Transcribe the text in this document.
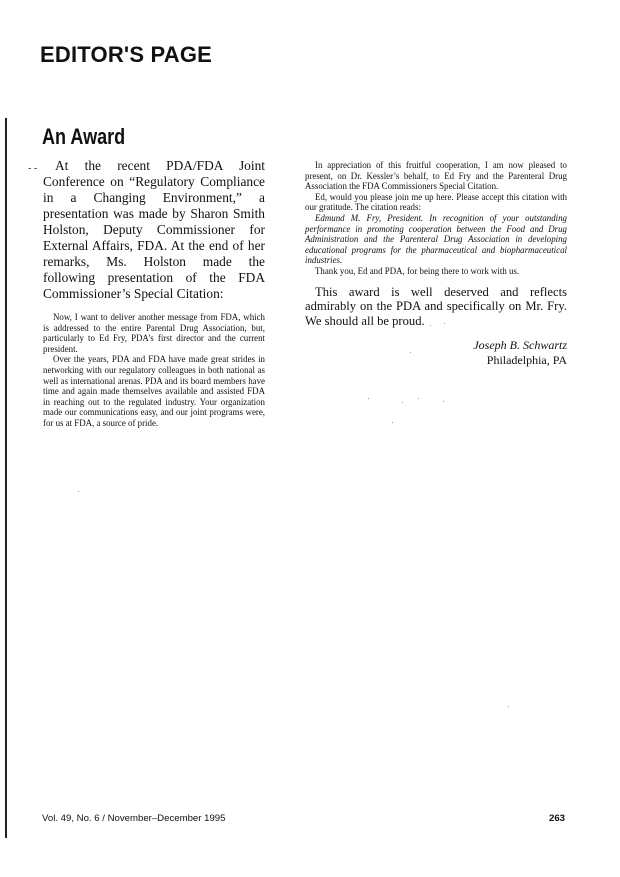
EDITOR'S PAGE
An Award
- -	At the recent PDA/FDA Joint Conference on “Regulatory Compliance in a Changing Environment,” a presentation was made by Sharon Smith Holston, Deputy Commissioner for External Affairs, FDA. At the end of her remarks, Ms. Holston made the following presentation of the FDA Commissioner’s Special Citation:

Now, I want to deliver another message from FDA, which is addressed to the entire Parental Drug Association, but, particularly to Ed Fry, PDA’s first director and the current president.

Over the years, PDA and FDA have made great strides in networking with our regulatory colleagues in both national as well as international arenas. PDA and its board members have time and again made themselves available and assisted FDA in reaching out to the regulated industry. Your organization made our communications easy, and our joint programs were, for us at FDA, a source of pride.

In appreciation of this fruitful cooperation, I am now pleased to present, on Dr. Kessler’s behalf, to Ed Fry and the Parenteral Drug Association the FDA Commissioners Special Citation.

Ed, would you please join me up here. Please accept this citation with our gratitude. The citation reads:

Edmund M. Fry, President. In recognition of your outstanding performance in promoting cooperation between the Food and Drug Administration and the Parenteral Drug Association in developing educational programs for the pharmaceutical and biopharmaceutical industries.

Thank you, Ed and PDA, for being there to work with us.

This award is well deserved and reflects admirably on the PDA and specifically on Mr. Fry. We should all be proud.

Joseph B. Schwartz
Philadelphia, PA
Vol. 49, No. 6 / November–December 1995	263
